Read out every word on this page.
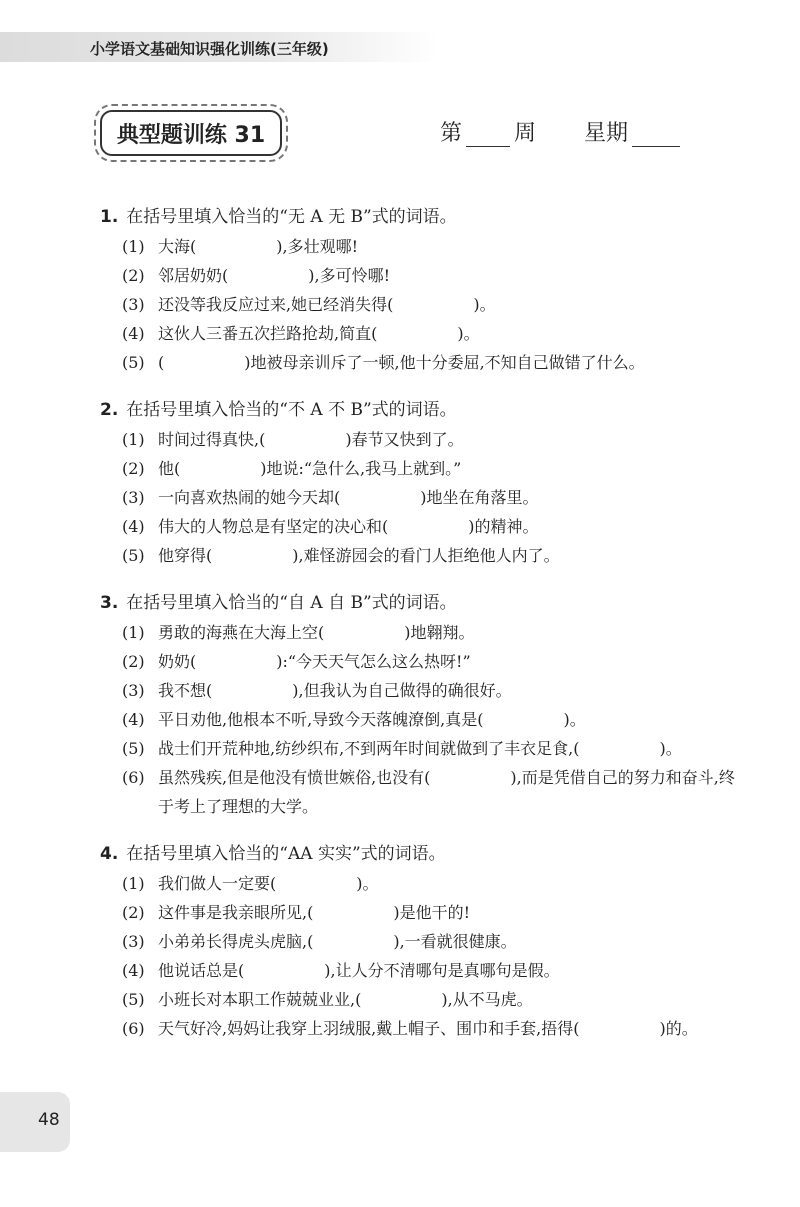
小学语文基础知识强化训练(三年级)
典型题训练 31	第 周 星期
1. 在括号里填入恰当的“无 A 无 B”式的词语。
(1) 大海(　　　　　),多壮观哪!
(2) 邻居奶奶(　　　　　),多可怜哪!
(3) 还没等我反应过来,她已经消失得(　　　　　)。
(4) 这伙人三番五次拦路抢劫,简直(　　　　　)。
(5) (　　　　　)地被母亲训斥了一顿,他十分委屈,不知自己做错了什么。
2. 在括号里填入恰当的“不 A 不 B”式的词语。
(1) 时间过得真快,(　　　　　)春节又快到了。
(2) 他(　　　　　)地说:“急什么,我马上就到。”
(3) 一向喜欢热闹的她今天却(　　　　　)地坐在角落里。
(4) 伟大的人物总是有坚定的决心和(　　　　　)的精神。
(5) 他穿得(　　　　　),难怪游园会的看门人拒绝他人内了。
3. 在括号里填入恰当的“自 A 自 B”式的词语。
(1) 勇敢的海燕在大海上空(　　　　　)地翱翔。
(2) 奶奶(　　　　　):“今天天气怎么这么热呀!”
(3) 我不想(　　　　　),但我认为自己做得的确很好。
(4) 平日劝他,他根本不听,导致今天落魄潦倒,真是(　　　　　)。
(5) 战士们开荒种地,纺纱织布,不到两年时间就做到了丰衣足食,(　　　　　)。
(6) 虽然残疾,但是他没有愤世嫉俗,也没有(　　　　　),而是凭借自己的努力和奋斗,终于考上了理想的大学。
4. 在括号里填入恰当的“AA 实实”式的词语。
(1) 我们做人一定要(　　　　　)。
(2) 这件事是我亲眼所见,(　　　　　)是他干的!
(3) 小弟弟长得虎头虎脑,(　　　　　),一看就很健康。
(4) 他说话总是(　　　　　),让人分不清哪句是真哪句是假。
(5) 小班长对本职工作兢兢业业,(　　　　　),从不马虎。
(6) 天气好冷,妈妈让我穿上羽绒服,戴上帽子、围巾和手套,捂得(　　　　　)的。
48
